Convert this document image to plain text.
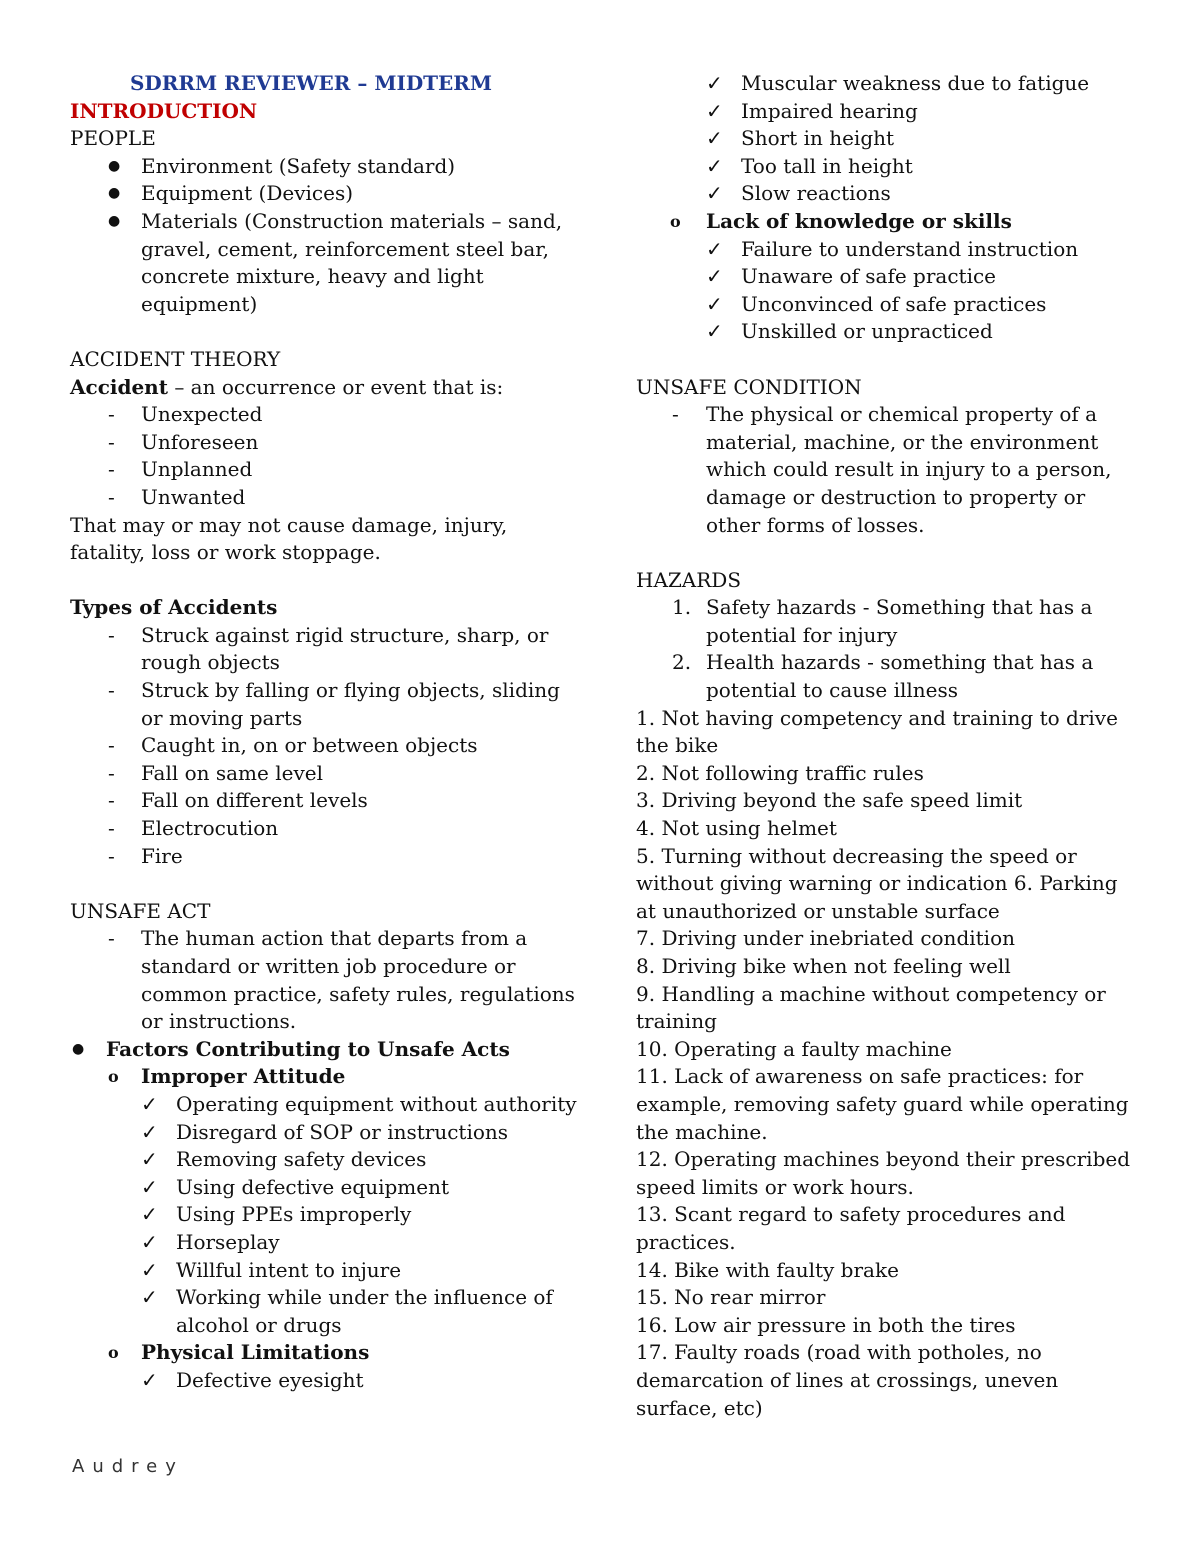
SDRRM REVIEWER – MIDTERM
INTRODUCTION
PEOPLE
● Environment (Safety standard)
● Equipment (Devices)
● Materials (Construction materials – sand, gravel, cement, reinforcement steel bar, concrete mixture, heavy and light equipment)
ACCIDENT THEORY
Accident – an occurrence or event that is:
- Unexpected
- Unforeseen
- Unplanned
- Unwanted
That may or may not cause damage, injury, fatality, loss or work stoppage.
Types of Accidents
- Struck against rigid structure, sharp, or rough objects
- Struck by falling or flying objects, sliding or moving parts
- Caught in, on or between objects
- Fall on same level
- Fall on different levels
- Electrocution
- Fire
UNSAFE ACT
- The human action that departs from a standard or written job procedure or common practice, safety rules, regulations or instructions.
● Factors Contributing to Unsafe Acts
o Improper Attitude
✓ Operating equipment without authority
✓ Disregard of SOP or instructions
✓ Removing safety devices
✓ Using defective equipment
✓ Using PPEs improperly
✓ Horseplay
✓ Willful intent to injure
✓ Working while under the influence of alcohol or drugs
o Physical Limitations
✓ Defective eyesight
✓ Muscular weakness due to fatigue
✓ Impaired hearing
✓ Short in height
✓ Too tall in height
✓ Slow reactions
o Lack of knowledge or skills
✓ Failure to understand instruction
✓ Unaware of safe practice
✓ Unconvinced of safe practices
✓ Unskilled or unpracticed
UNSAFE CONDITION
- The physical or chemical property of a material, machine, or the environment which could result in injury to a person, damage or destruction to property or other forms of losses.
HAZARDS
1. Safety hazards - Something that has a potential for injury
2. Health hazards - something that has a potential to cause illness
1. Not having competency and training to drive the bike
2. Not following traffic rules
3. Driving beyond the safe speed limit
4. Not using helmet
5. Turning without decreasing the speed or without giving warning or indication 6. Parking at unauthorized or unstable surface
7. Driving under inebriated condition
8. Driving bike when not feeling well
9. Handling a machine without competency or training
10. Operating a faulty machine
11. Lack of awareness on safe practices: for example, removing safety guard while operating the machine.
12. Operating machines beyond their prescribed speed limits or work hours.
13. Scant regard to safety procedures and practices.
14. Bike with faulty brake
15. No rear mirror
16. Low air pressure in both the tires
17. Faulty roads (road with potholes, no demarcation of lines at crossings, uneven surface, etc)
Audrey
